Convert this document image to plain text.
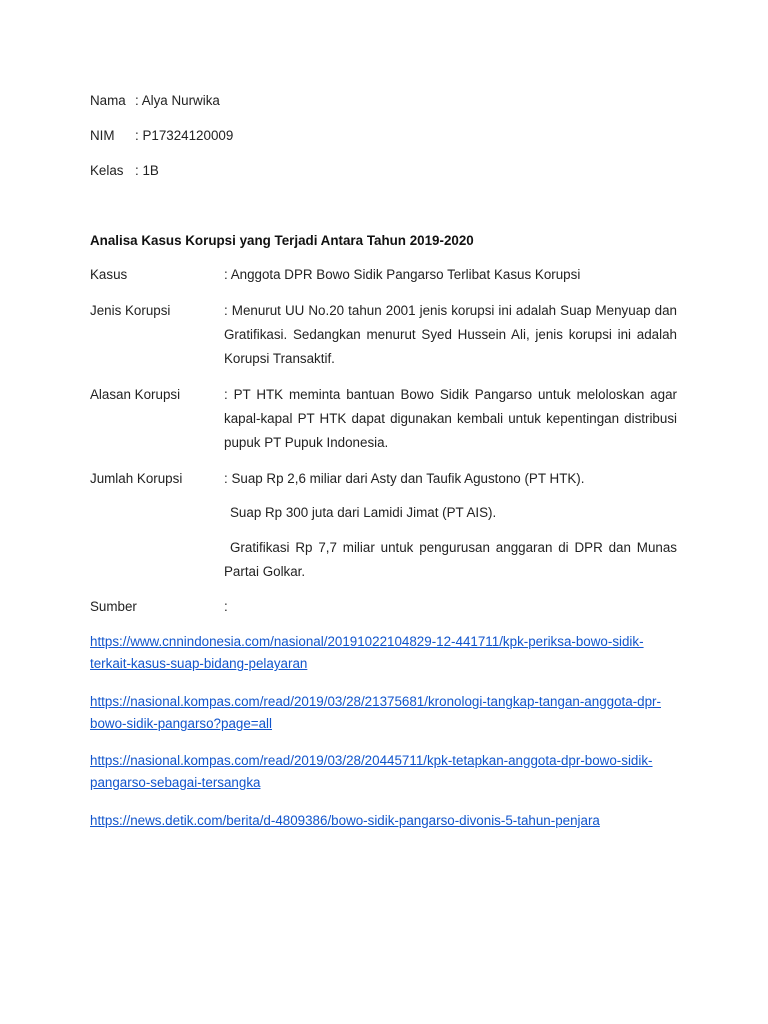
Nama : Alya Nurwika
NIM : P17324120009
Kelas : 1B
Analisa Kasus Korupsi yang Terjadi Antara Tahun 2019-2020
Kasus	: Anggota DPR Bowo Sidik Pangarso Terlibat Kasus Korupsi
Jenis Korupsi	: Menurut UU No.20 tahun 2001 jenis korupsi ini adalah Suap Menyuap dan Gratifikasi. Sedangkan menurut Syed Hussein Ali, jenis korupsi ini adalah Korupsi Transaktif.
Alasan Korupsi	: PT HTK meminta bantuan Bowo Sidik Pangarso untuk meloloskan agar kapal-kapal PT HTK dapat digunakan kembali untuk kepentingan distribusi pupuk PT Pupuk Indonesia.
Jumlah Korupsi	: Suap Rp 2,6 miliar dari Asty dan Taufik Agustono (PT HTK).
Suap Rp 300 juta dari Lamidi Jimat (PT AIS).
Gratifikasi Rp 7,7 miliar untuk pengurusan anggaran di DPR dan Munas Partai Golkar.
Sumber	:
https://www.cnnindonesia.com/nasional/20191022104829-12-441711/kpk-periksa-bowo-sidik-terkait-kasus-suap-bidang-pelayaran
https://nasional.kompas.com/read/2019/03/28/21375681/kronologi-tangkap-tangan-anggota-dpr-bowo-sidik-pangarso?page=all
https://nasional.kompas.com/read/2019/03/28/20445711/kpk-tetapkan-anggota-dpr-bowo-sidik-pangarso-sebagai-tersangka
https://news.detik.com/berita/d-4809386/bowo-sidik-pangarso-divonis-5-tahun-penjara
